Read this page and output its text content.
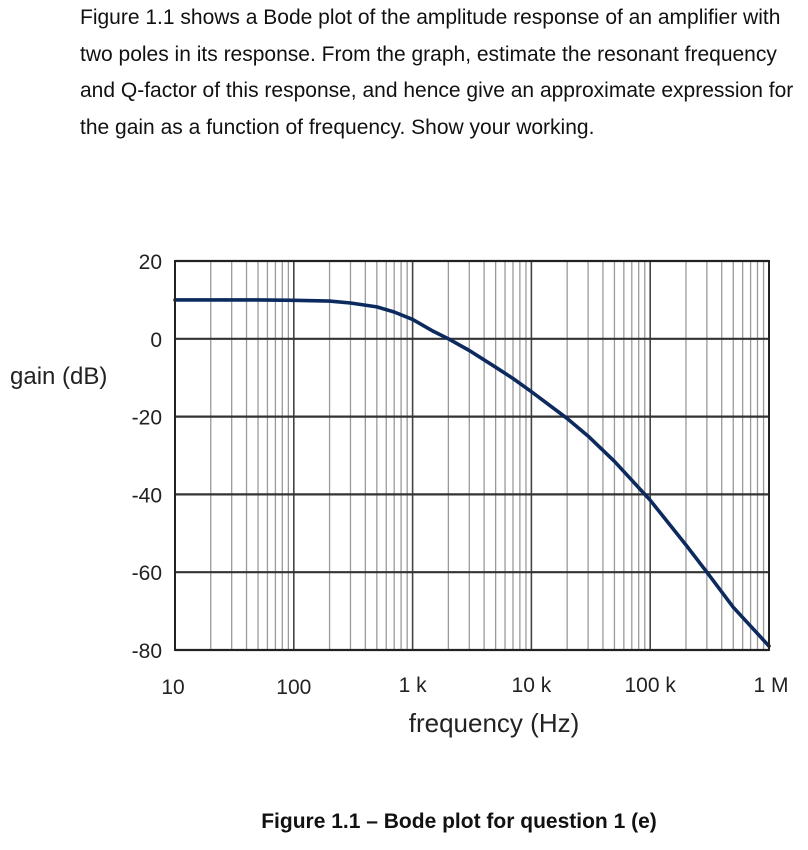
Figure 1.1 shows a Bode plot of the amplitude response of an amplifier with two poles in its response. From the graph, estimate the resonant frequency and Q-factor of this response, and hence give an approximate expression for the gain as a function of frequency. Show your working.

20
0
-20
-40
-60
-80
10	100	1 k	10 k	100 k	1 M
gain (dB)
frequency (Hz)

Figure 1.1 – Bode plot for question 1 (e)
